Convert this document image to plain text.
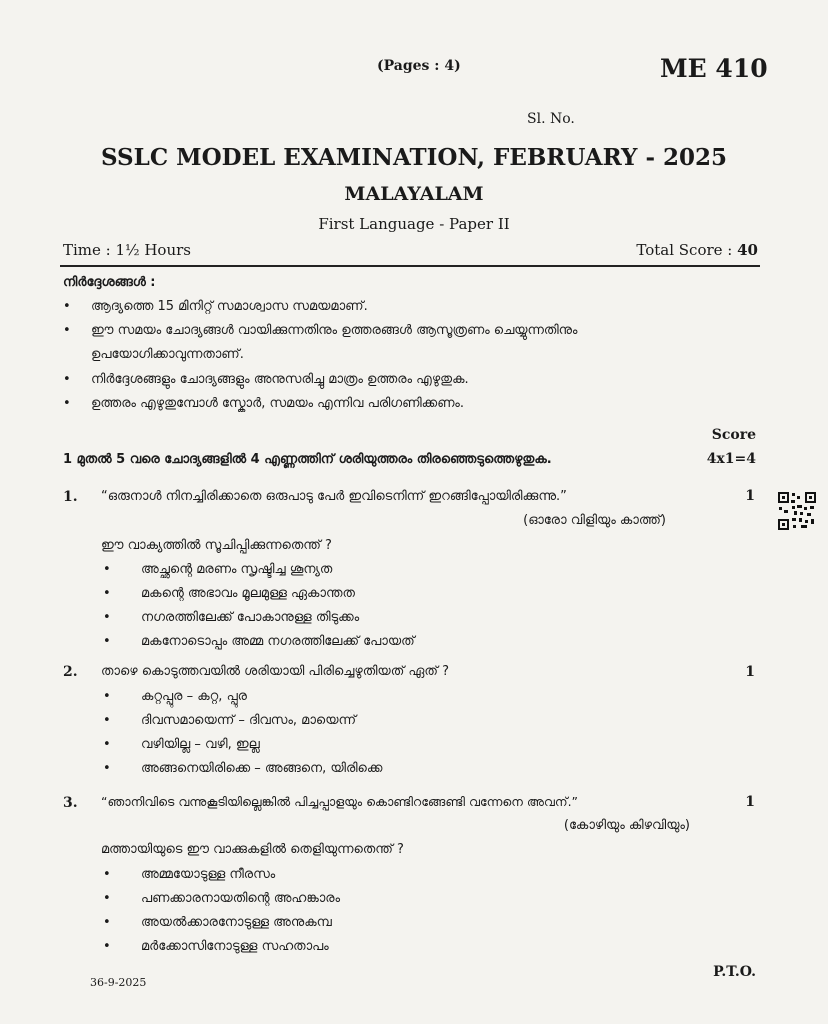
(Pages : 4)	ME 410
Sl. No.
SSLC MODEL EXAMINATION, FEBRUARY - 2025
MALAYALAM
First Language - Paper II
Time : 1½ Hours	Total Score : 40
നിർദ്ദേശങ്ങൾ :
• ആദ്യത്തെ 15 മിനിറ്റ് സമാശ്വാസ സമയമാണ്.
• ഈ സമയം ചോദ്യങ്ങൾ വായിക്കുന്നതിനും ഉത്തരങ്ങൾ ആസൂത്രണം ചെയ്യുന്നതിനും
ഉപയോഗിക്കാവുന്നതാണ്.
• നിർദ്ദേശങ്ങളും ചോദ്യങ്ങളും അനുസരിച്ചു മാത്രം ഉത്തരം എഴുതുക.
• ഉത്തരം എഴുതുമ്പോൾ സ്കോർ, സമയം എന്നിവ പരിഗണിക്കണം.
Score
1 മുതൽ 5 വരെ ചോദ്യങ്ങളിൽ 4 എണ്ണത്തിന് ശരിയുത്തരം തിരഞ്ഞെടുത്തെഴുതുക.	4x1=4
1. “ഒരുനാൾ നിനച്ചിരിക്കാതെ ഒരുപാടു പേർ ഇവിടെനിന്ന് ഇറങ്ങിപ്പോയിരിക്കുന്നു.”	1
(ഓരോ വിളിയും കാത്ത്)
ഈ വാക്യത്തിൽ സൂചിപ്പിക്കുന്നതെന്ത് ?
• അച്ഛന്റെ മരണം സൃഷ്ടിച്ച ശൂന്യത
• മകന്റെ അഭാവം മൂലമുള്ള ഏകാന്തത
• നഗരത്തിലേക്ക് പോകാനുള്ള തിടുക്കം
• മകനോടൊപ്പം അമ്മ നഗരത്തിലേക്ക് പോയത്
2. താഴെ കൊടുത്തവയിൽ ശരിയായി പിരിച്ചെഴുതിയത് ഏത് ?	1
• കറ്റപ്പുര – കറ്റ, പ്പുര
• ദിവസമായെന്ന് – ദിവസം, മായെന്ന്
• വഴിയില്ല – വഴി, ഇല്ല
• അങ്ങനെയിരിക്കെ – അങ്ങനെ, യിരിക്കെ
3. “ഞാനിവിടെ വന്നുകൂടിയില്ലെങ്കിൽ പിച്ചപ്പാളയും കൊണ്ടിറങ്ങേണ്ടി വന്നേനെ അവന്.”	1
(കോഴിയും കിഴവിയും)
മത്തായിയുടെ ഈ വാക്കുകളിൽ തെളിയുന്നതെന്ത് ?
• അമ്മയോടുള്ള നീരസം
• പണക്കാരനായതിന്റെ അഹങ്കാരം
• അയൽക്കാരനോടുള്ള അനുകമ്പ
• മർക്കോസിനോടുള്ള സഹതാപം
36-9-2025
P.T.O.
